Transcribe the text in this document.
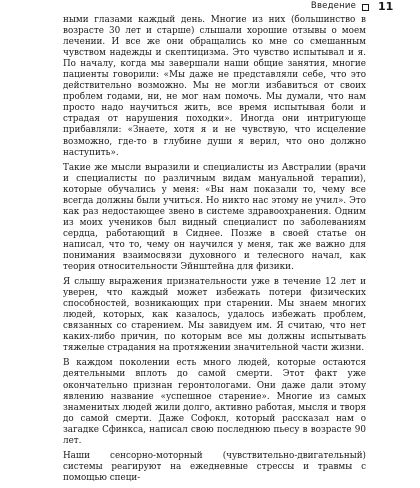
Введение 11

ными глазами каждый день. Многие из них (большинство в возрасте 30 лет и старше) слышали хорошие отзывы о моем лечении. И все же они обращались ко мне со смешанным чувством надежды и скептицизма. Это чувство испытывал и я. По началу, когда мы завершали наши общие занятия, многие пациенты говорили: «Мы даже не представляли себе, что это действительно возможно. Мы не могли избавиться от своих проблем годами, ни, не мог нам помочь. Мы думали, что нам просто надо научиться жить, все время испытывая боли и страдая от нарушения походки». Иногда они интригующе прибавляли: «Знаете, хотя я и не чувствую, что исцеление возможно, где-то в глубине души я верил, что оно должно наступить».

Такие же мысли выразили и специалисты из Австралии (врачи и специалисты по различным видам мануальной терапии), которые обучались у меня: «Вы нам показали то, чему все всегда должны были учиться. Но никто нас этому не учил». Это как раз недостающее звено в системе здравоохранения. Одним из моих учеников был видный специалист по заболеваниям сердца, работающий в Сиднее. Позже в своей статье он написал, что то, чему он научился у меня, так же важно для понимания взаимосвязи духовного и телесного начал, как теория относительности Эйнштейна для физики.

Я слышу выражения признательности уже в течение 12 лет и уверен, что каждый может избежать потери физических способностей, возникающих при старении. Мы знаем многих людей, которых, как казалось, удалось избежать проблем, связанных со старением. Мы завидуем им. Я считаю, что нет каких-либо причин, по которым все мы должны испытывать тяжелые страдания на протяжении значительной части жизни.

В каждом поколении есть много людей, которые остаются деятельными вплоть до самой смерти. Этот факт уже окончательно признан геронтологами. Они даже дали этому явлению название «успешное старение». Многие из самых знаменитых людей жили долго, активно работая, мысля и творя до самой смерти. Даже Софокл, который рассказал нам о загадке Сфинкса, написал свою последнюю пьесу в возрасте 90 лет.

Наши сенсорно-моторный (чувствительно-двигательный) системы реагируют на ежедневные стрессы и травмы с помощью специ-
